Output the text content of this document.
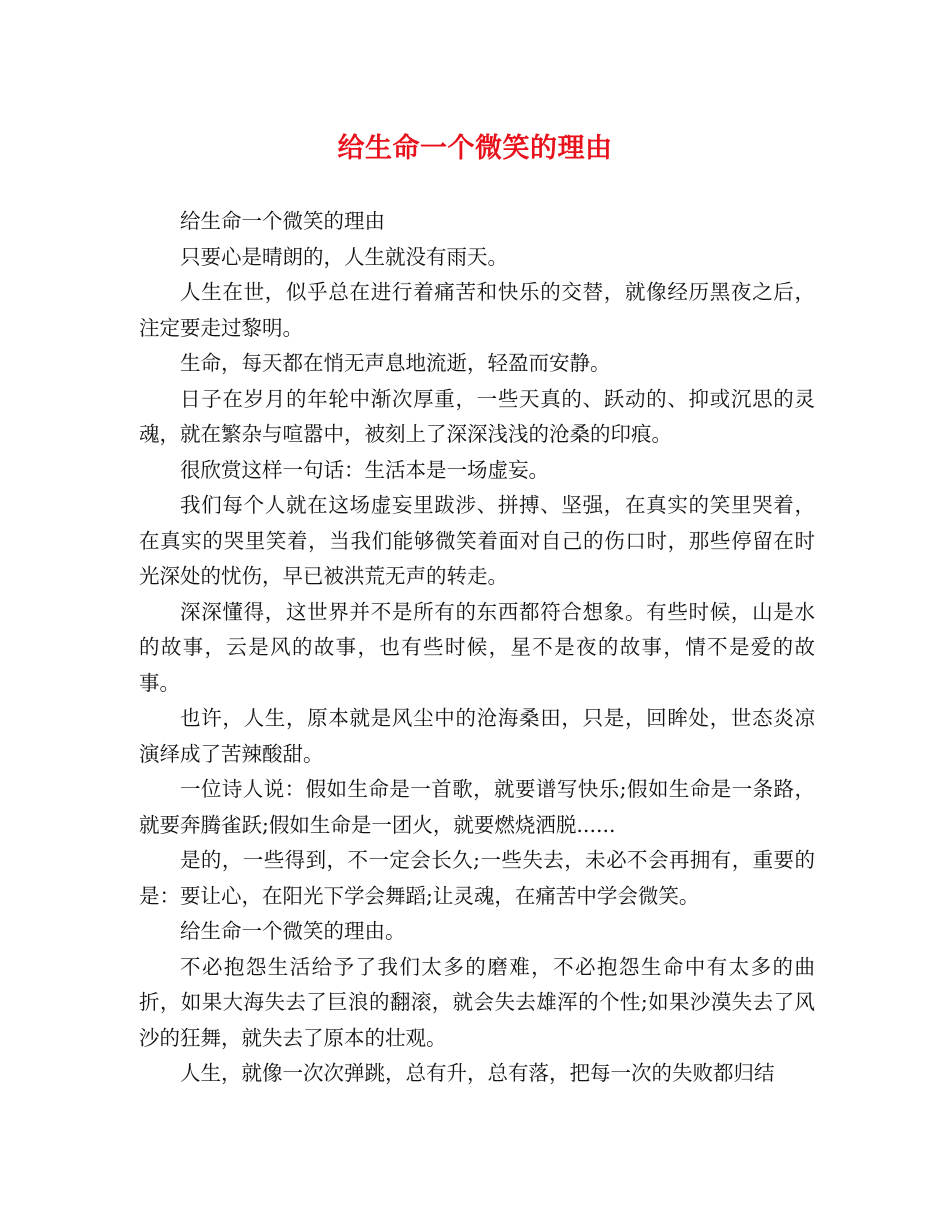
给生命一个微笑的理由

给生命一个微笑的理由

只要心是晴朗的，人生就没有雨天。

人生在世，似乎总在进行着痛苦和快乐的交替，就像经历黑夜之后，注定要走过黎明。

生命，每天都在悄无声息地流逝，轻盈而安静。

日子在岁月的年轮中渐次厚重，一些天真的、跃动的、抑或沉思的灵魂，就在繁杂与喧嚣中，被刻上了深深浅浅的沧桑的印痕。

很欣赏这样一句话：生活本是一场虚妄。

我们每个人就在这场虚妄里跋涉、拼搏、坚强，在真实的笑里哭着，在真实的哭里笑着，当我们能够微笑着面对自己的伤口时，那些停留在时光深处的忧伤，早已被洪荒无声的转走。

深深懂得，这世界并不是所有的东西都符合想象。有些时候，山是水的故事，云是风的故事，也有些时候，星不是夜的故事，情不是爱的故事。

也许，人生，原本就是风尘中的沧海桑田，只是，回眸处，世态炎凉演绎成了苦辣酸甜。

一位诗人说：假如生命是一首歌，就要谱写快乐;假如生命是一条路，就要奔腾雀跃;假如生命是一团火，就要燃烧洒脱......

是的，一些得到，不一定会长久;一些失去，未必不会再拥有，重要的是：要让心，在阳光下学会舞蹈;让灵魂，在痛苦中学会微笑。

给生命一个微笑的理由。

不必抱怨生活给予了我们太多的磨难，不必抱怨生命中有太多的曲折，如果大海失去了巨浪的翻滚，就会失去雄浑的个性;如果沙漠失去了风沙的狂舞，就失去了原本的壮观。

人生，就像一次次弹跳，总有升，总有落，把每一次的失败都归结
